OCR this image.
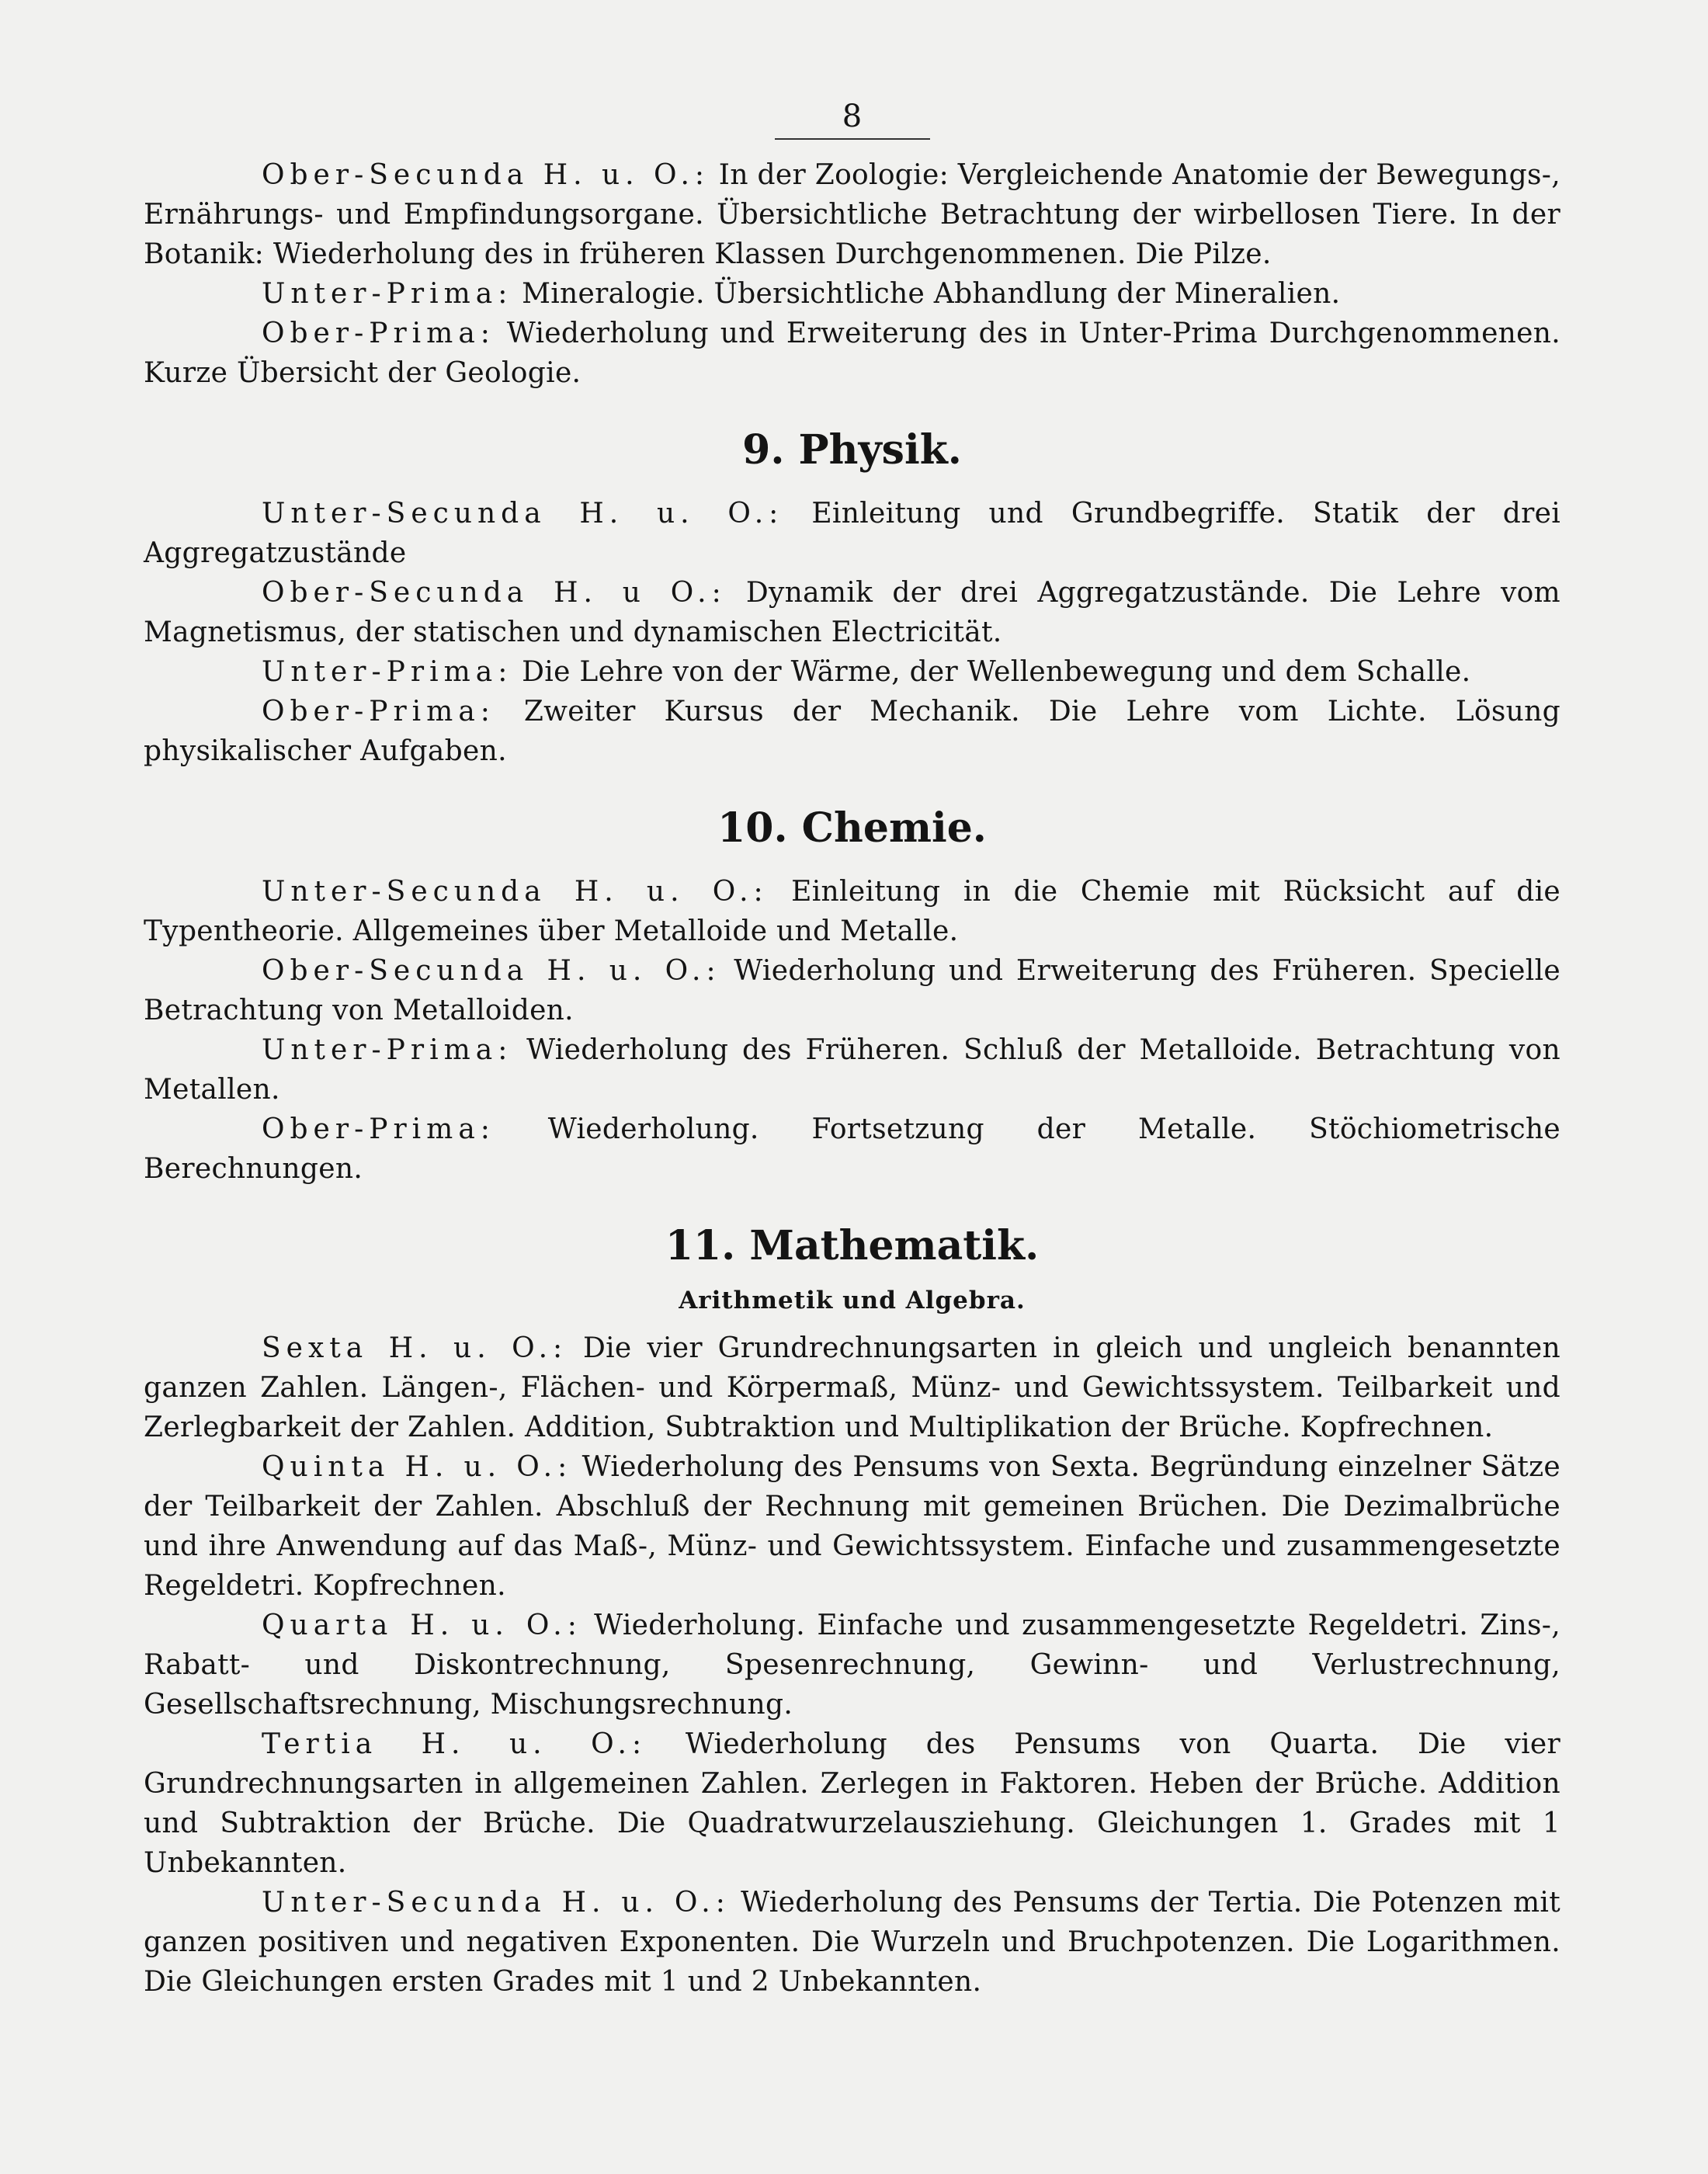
8

Ober-Secunda H. u. O.: In der Zoologie: Vergleichende Anatomie der Bewegungs-, Ernährungs- und Empfindungsorgane. Übersichtliche Betrachtung der wirbellosen Tiere. In der Botanik: Wiederholung des in früheren Klassen Durchgenommenen. Die Pilze.

Unter-Prima: Mineralogie. Übersichtliche Abhandlung der Mineralien.

Ober-Prima: Wiederholung und Erweiterung des in Unter-Prima Durchgenommenen. Kurze Übersicht der Geologie.

9. Physik.

Unter-Secunda H. u. O.: Einleitung und Grundbegriffe. Statik der drei Aggregatzustände

Ober-Secunda H. u O.: Dynamik der drei Aggregatzustände. Die Lehre vom Magnetismus, der statischen und dynamischen Electricität.

Unter-Prima: Die Lehre von der Wärme, der Wellenbewegung und dem Schalle.

Ober-Prima: Zweiter Kursus der Mechanik. Die Lehre vom Lichte. Lösung physikalischer Aufgaben.

10. Chemie.

Unter-Secunda H. u. O.: Einleitung in die Chemie mit Rücksicht auf die Typentheorie. Allgemeines über Metalloide und Metalle.

Ober-Secunda H. u. O.: Wiederholung und Erweiterung des Früheren. Specielle Betrachtung von Metalloiden.

Unter-Prima: Wiederholung des Früheren. Schluß der Metalloide. Betrachtung von Metallen.

Ober-Prima: Wiederholung. Fortsetzung der Metalle. Stöchiometrische Berechnungen.

11. Mathematik.
Arithmetik und Algebra.

Sexta H. u. O.: Die vier Grundrechnungsarten in gleich und ungleich benannten ganzen Zahlen. Längen-, Flächen- und Körpermaß, Münz- und Gewichtssystem. Teilbarkeit und Zerlegbarkeit der Zahlen. Addition, Subtraktion und Multiplikation der Brüche. Kopfrechnen.

Quinta H. u. O.: Wiederholung des Pensums von Sexta. Begründung einzelner Sätze der Teilbarkeit der Zahlen. Abschluß der Rechnung mit gemeinen Brüchen. Die Dezimalbrüche und ihre Anwendung auf das Maß-, Münz- und Gewichtssystem. Einfache und zusammengesetzte Regeldetri. Kopfrechnen.

Quarta H. u. O.: Wiederholung. Einfache und zusammengesetzte Regeldetri. Zins-, Rabatt- und Diskontrechnung, Spesenrechnung, Gewinn- und Verlustrechnung, Gesellschaftsrechnung, Mischungsrechnung.

Tertia H. u. O.: Wiederholung des Pensums von Quarta. Die vier Grundrechnungsarten in allgemeinen Zahlen. Zerlegen in Faktoren. Heben der Brüche. Addition und Subtraktion der Brüche. Die Quadratwurzelausziehung. Gleichungen 1. Grades mit 1 Unbekannten.

Unter-Secunda H. u. O.: Wiederholung des Pensums der Tertia. Die Potenzen mit ganzen positiven und negativen Exponenten. Die Wurzeln und Bruchpotenzen. Die Logarithmen. Die Gleichungen ersten Grades mit 1 und 2 Unbekannten.
